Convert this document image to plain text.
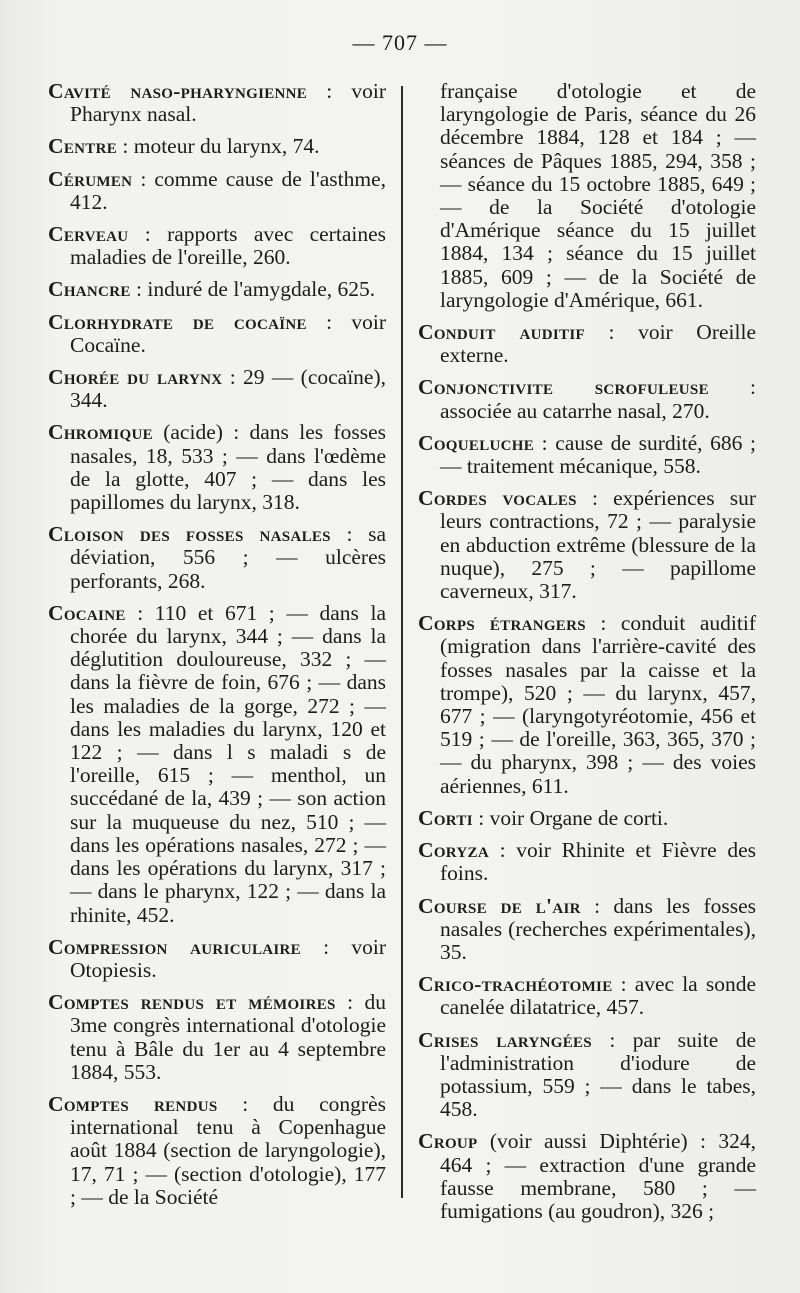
— 707 —
Cavité naso-pharyngienne : voir Pharynx nasal.
Centre : moteur du larynx, 74.
Cérumen : comme cause de l'asthme, 412.
Cerveau : rapports avec certaines maladies de l'oreille, 260.
Chancre : induré de l'amygdale, 625.
Clorhydrate de cocaïne : voir Cocaïne.
Chorée du larynx : 29 — (cocaïne), 344.
Chromique (acide) : dans les fosses nasales, 18, 533 ; — dans l'œdème de la glotte, 407 ; — dans les papillomes du larynx, 318.
Cloison des fosses nasales : sa déviation, 556 ; — ulcères perforants, 268.
Cocaine : 110 et 671 ; — dans la chorée du larynx, 344 ; — dans la déglutition douloureuse, 332 ; — dans la fièvre de foin, 676 ; — dans les maladies de la gorge, 272 ; — dans les maladies du larynx, 120 et 122 ; — dans l s maladi s de l'oreille, 615 ; — menthol, un succédané de la, 439 ; — son action sur la muqueuse du nez, 510 ; — dans les opérations nasales, 272 ; — dans les opérations du larynx, 317 ; — dans le pharynx, 122 ; — dans la rhinite, 452.
Compression auriculaire : voir Otopiesis.
Comptes rendus et mémoires : du 3me congrès international d'otologie tenu à Bâle du 1er au 4 septembre 1884, 553.
Comptes rendus : du congrès international tenu à Copenhague août 1884 (section de laryngologie), 17, 71 ; — (section d'otologie), 177 ; — de la Société
française d'otologie et de laryngologie de Paris, séance du 26 décembre 1884, 128 et 184 ; — séances de Pâques 1885, 294, 358 ; — séance du 15 octobre 1885, 649 ; — de la Société d'otologie d'Amérique séance du 15 juillet 1884, 134 ; séance du 15 juillet 1885, 609 ; — de la Société de laryngologie d'Amérique, 661.
Conduit auditif : voir Oreille externe.
Conjonctivite scrofuleuse : associée au catarrhe nasal, 270.
Coqueluche : cause de surdité, 686 ; — traitement mécanique, 558.
Cordes vocales : expériences sur leurs contractions, 72 ; — paralysie en abduction extrême (blessure de la nuque), 275 ; — papillome caverneux, 317.
Corps étrangers : conduit auditif (migration dans l'arrière-cavité des fosses nasales par la caisse et la trompe), 520 ; — du larynx, 457, 677 ; — (laryngotyréotomie, 456 et 519 ; — de l'oreille, 363, 365, 370 ; — du pharynx, 398 ; — des voies aériennes, 611.
Corti : voir Organe de corti.
Coryza : voir Rhinite et Fièvre des foins.
Course de l'air : dans les fosses nasales (recherches expérimentales), 35.
Crico-trachéotomie : avec la sonde canelée dilatatrice, 457.
Crises laryngées : par suite de l'administration d'iodure de potassium, 559 ; — dans le tabes, 458.
Croup (voir aussi Diphtérie) : 324, 464 ; — extraction d'une grande fausse membrane, 580 ; — fumigations (au goudron), 326 ;
